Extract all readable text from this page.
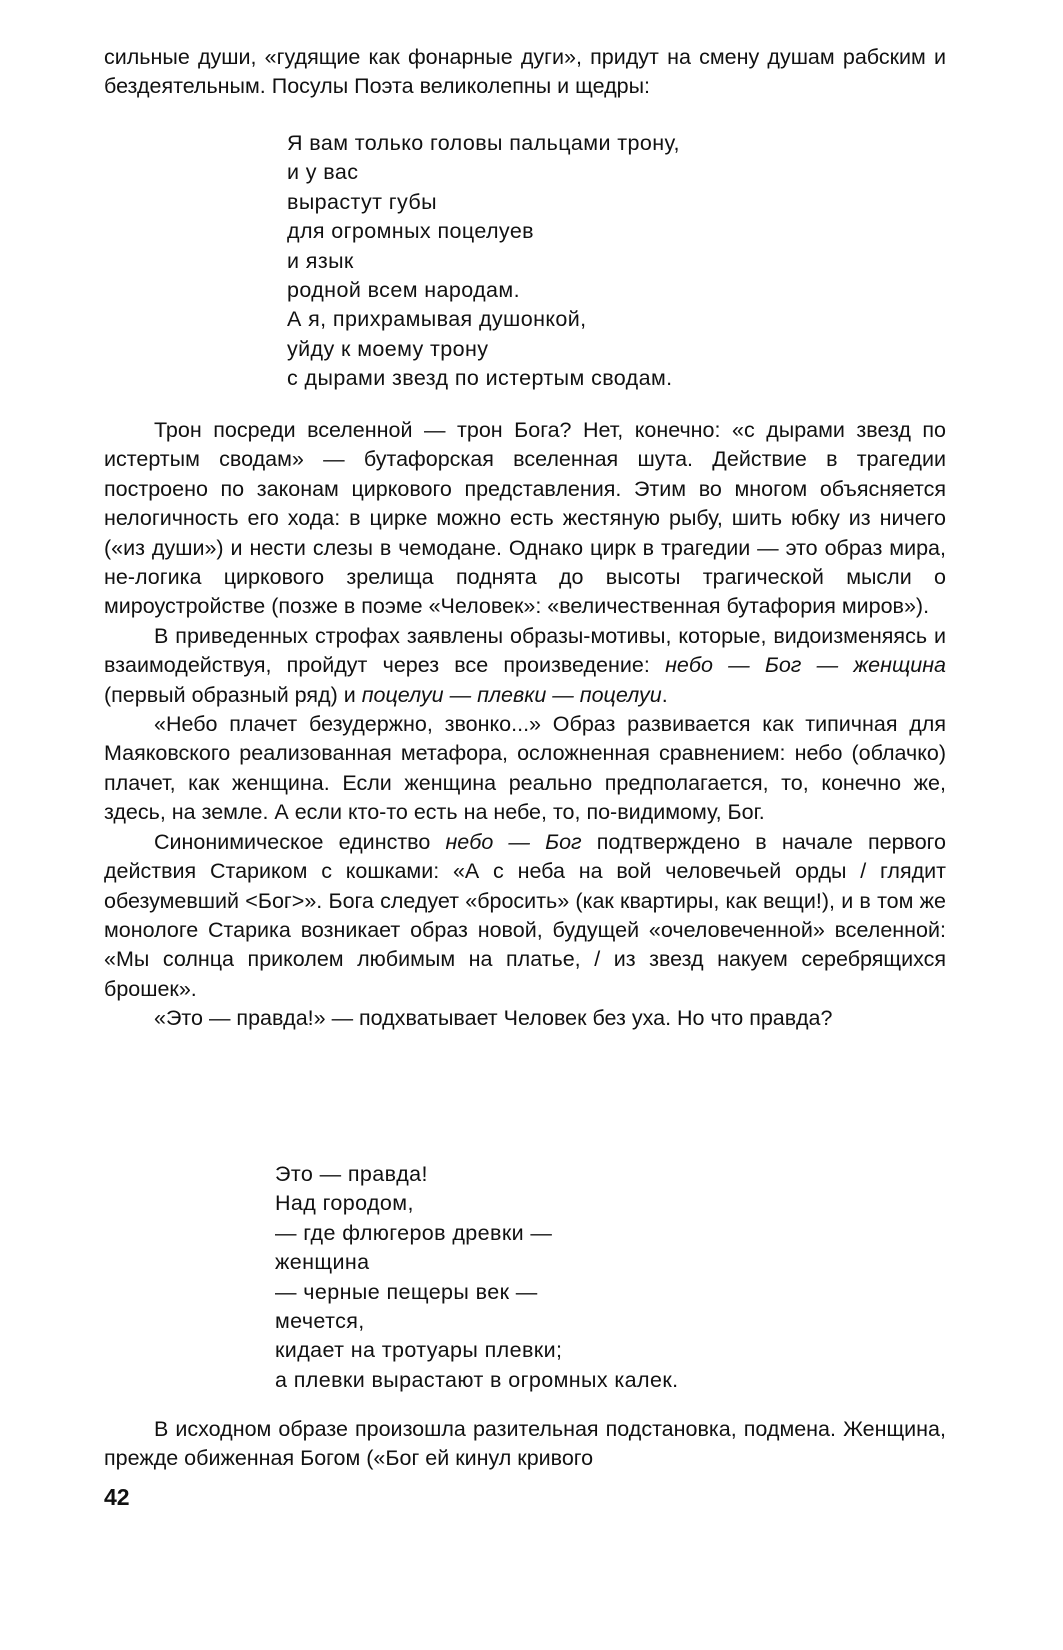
сильные души, «гудящие как фонарные дуги», придут на смену душам рабским и бездеятельным. Посулы Поэта великолепны и щедры:

Я вам только головы пальцами трону,
и у вас
вырастут губы
для огромных поцелуев
и язык
родной всем народам.
А я, прихрамывая душонкой,
уйду к моему трону
с дырами звезд по истертым сводам.

Трон посреди вселенной — трон Бога? Нет, конечно: «с дырами звезд по истертым сводам» — бутафорская вселенная шута. Действие в трагедии построено по законам циркового представления. Этим во многом объясняется нелогичность его хода: в цирке можно есть жестяную рыбу, шить юбку из ничего («из души») и нести слезы в чемодане. Однако цирк в трагедии — это образ мира, не-логика циркового зрелища поднята до высоты трагической мысли о мироустройстве (позже в поэме «Человек»: «величественная бутафория миров»).

В приведенных строфах заявлены образы-мотивы, которые, видоизменяясь и взаимодействуя, пройдут через все произведение: небо — Бог — женщина (первый образный ряд) и поцелуи — плевки — поцелуи.

«Небо плачет безудержно, звонко...» Образ развивается как типичная для Маяковского реализованная метафора, осложненная сравнением: небо (облачко) плачет, как женщина. Если женщина реально предполагается, то, конечно же, здесь, на земле. А если кто-то есть на небе, то, по-видимому, Бог.

Синонимическое единство небо — Бог подтверждено в начале первого действия Стариком с кошками: «А с неба на вой человечьей орды / глядит обезумевший <Бог>». Бога следует «бросить» (как квартиры, как вещи!), и в том же монологе Старика возникает образ новой, будущей «очеловеченной» вселенной: «Мы солнца приколем любимым на платье, / из звезд накуем серебрящихся брошек».

«Это — правда!» — подхватывает Человек без уха. Но что правда?

Это — правда!
Над городом,
— где флюгеров древки —
женщина
— черные пещеры век —
мечется,
кидает на тротуары плевки;
а плевки вырастают в огромных калек.

В исходном образе произошла разительная подстановка, подмена. Женщина, прежде обиженная Богом («Бог ей кинул кривого

42
